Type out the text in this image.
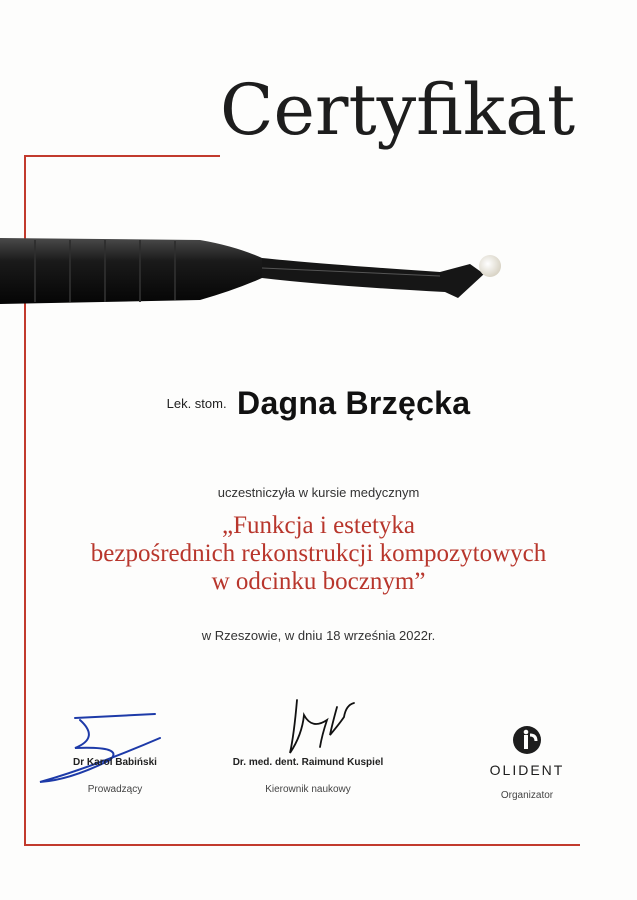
Certyfikat
Lek. stom. Dagna Brzęcka
uczestniczyła w kursie medycznym
„Funkcja i estetyka
bezpośrednich rekonstrukcji kompozytowych
w odcinku bocznym”
w Rzeszowie, w dniu 18 września 2022r.
Dr Karol Babiński
Prowadzący
Dr. med. dent. Raimund Kuspiel
Kierownik naukowy
OLIDENT
Organizator
